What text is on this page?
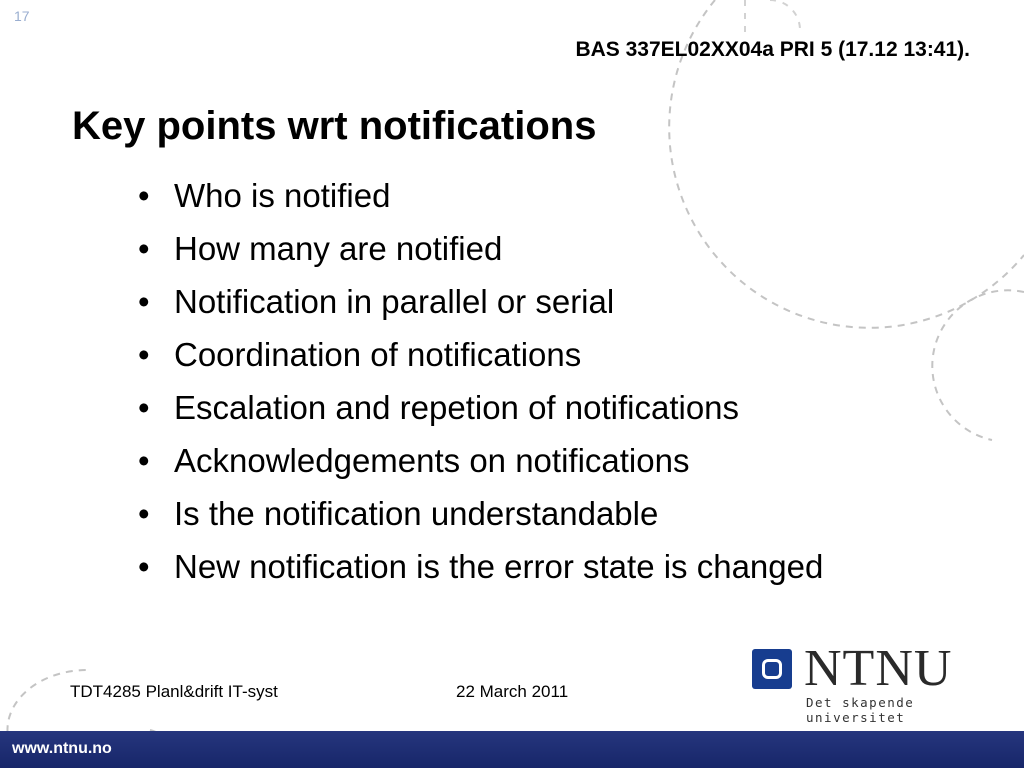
17
BAS 337EL02XX04a PRI 5 (17.12 13:41).
Key points wrt notifications
• Who is notified
• How many are notified
• Notification in parallel or serial
• Coordination of notifications
• Escalation and repetion of notifications
• Acknowledgements on notifications
• Is the notification understandable
• New notification is the error state is changed
TDT4285 Planl&drift IT-syst	22 March 2011	NTNU
Det skapende universitet
www.ntnu.no
